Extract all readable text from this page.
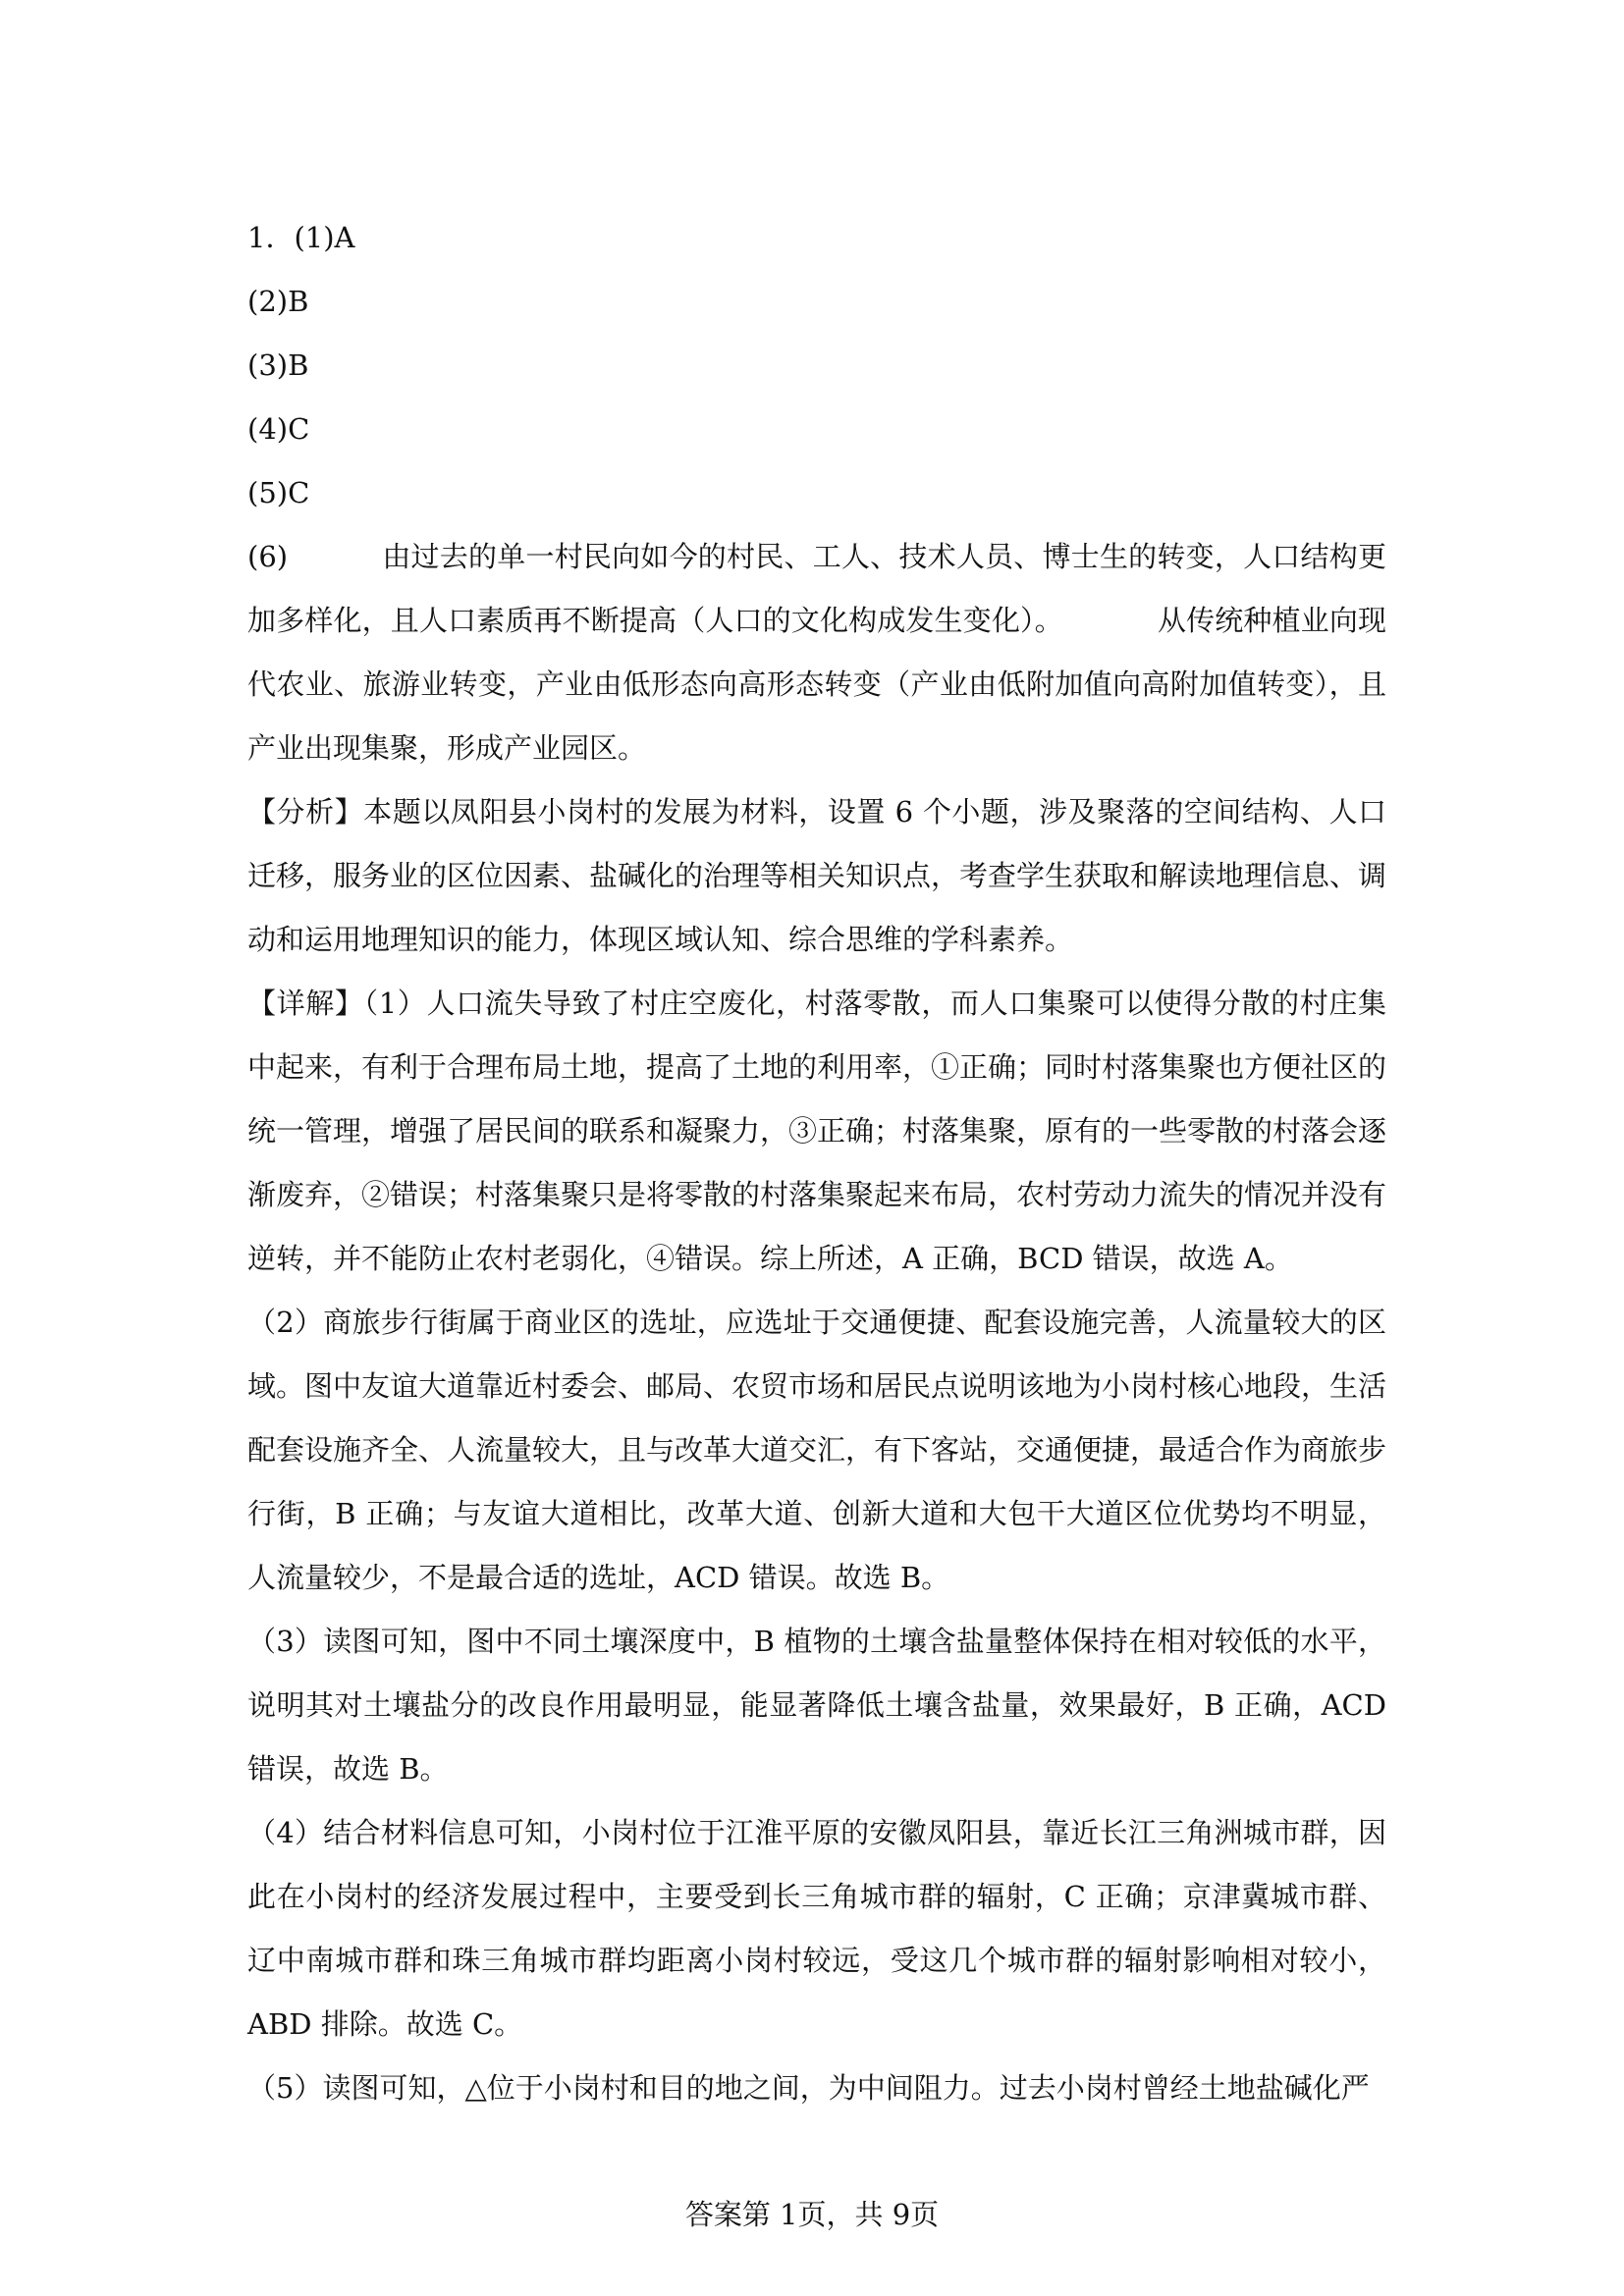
1．(1)A
(2)B
(3)B
(4)C
(5)C

(6)	由过去的单一村民向如今的村民、工人、技术人员、博士生的转变，人口结构更加多样化，且人口素质再不断提高（人口的文化构成发生变化）。	从传统种植业向现代农业、旅游业转变，产业由低形态向高形态转变（产业由低附加值向高附加值转变），且产业出现集聚，形成产业园区。

【分析】本题以凤阳县小岗村的发展为材料，设置 6 个小题，涉及聚落的空间结构、人口迁移，服务业的区位因素、盐碱化的治理等相关知识点，考查学生获取和解读地理信息、调动和运用地理知识的能力，体现区域认知、综合思维的学科素养。

【详解】（1）人口流失导致了村庄空废化，村落零散，而人口集聚可以使得分散的村庄集中起来，有利于合理布局土地，提高了土地的利用率，①正确；同时村落集聚也方便社区的统一管理，增强了居民间的联系和凝聚力，③正确；村落集聚，原有的一些零散的村落会逐渐废弃，②错误；村落集聚只是将零散的村落集聚起来布局，农村劳动力流失的情况并没有逆转，并不能防止农村老弱化，④错误。综上所述，A 正确，BCD 错误，故选 A。

（2）商旅步行街属于商业区的选址，应选址于交通便捷、配套设施完善，人流量较大的区域。图中友谊大道靠近村委会、邮局、农贸市场和居民点说明该地为小岗村核心地段，生活配套设施齐全、人流量较大，且与改革大道交汇，有下客站，交通便捷，最适合作为商旅步行街，B 正确；与友谊大道相比，改革大道、创新大道和大包干大道区位优势均不明显，人流量较少，不是最合适的选址，ACD 错误。故选 B。

（3）读图可知，图中不同土壤深度中，B 植物的土壤含盐量整体保持在相对较低的水平，说明其对土壤盐分的改良作用最明显，能显著降低土壤含盐量，效果最好，B 正确，ACD 错误，故选 B。

（4）结合材料信息可知，小岗村位于江淮平原的安徽凤阳县，靠近长江三角洲城市群，因此在小岗村的经济发展过程中，主要受到长三角城市群的辐射，C 正确；京津冀城市群、辽中南城市群和珠三角城市群均距离小岗村较远，受这几个城市群的辐射影响相对较小，ABD 排除。故选 C。

（5）读图可知，△位于小岗村和目的地之间，为中间阻力。过去小岗村曾经土地盐碱化严

答案第 1页，共 9页
